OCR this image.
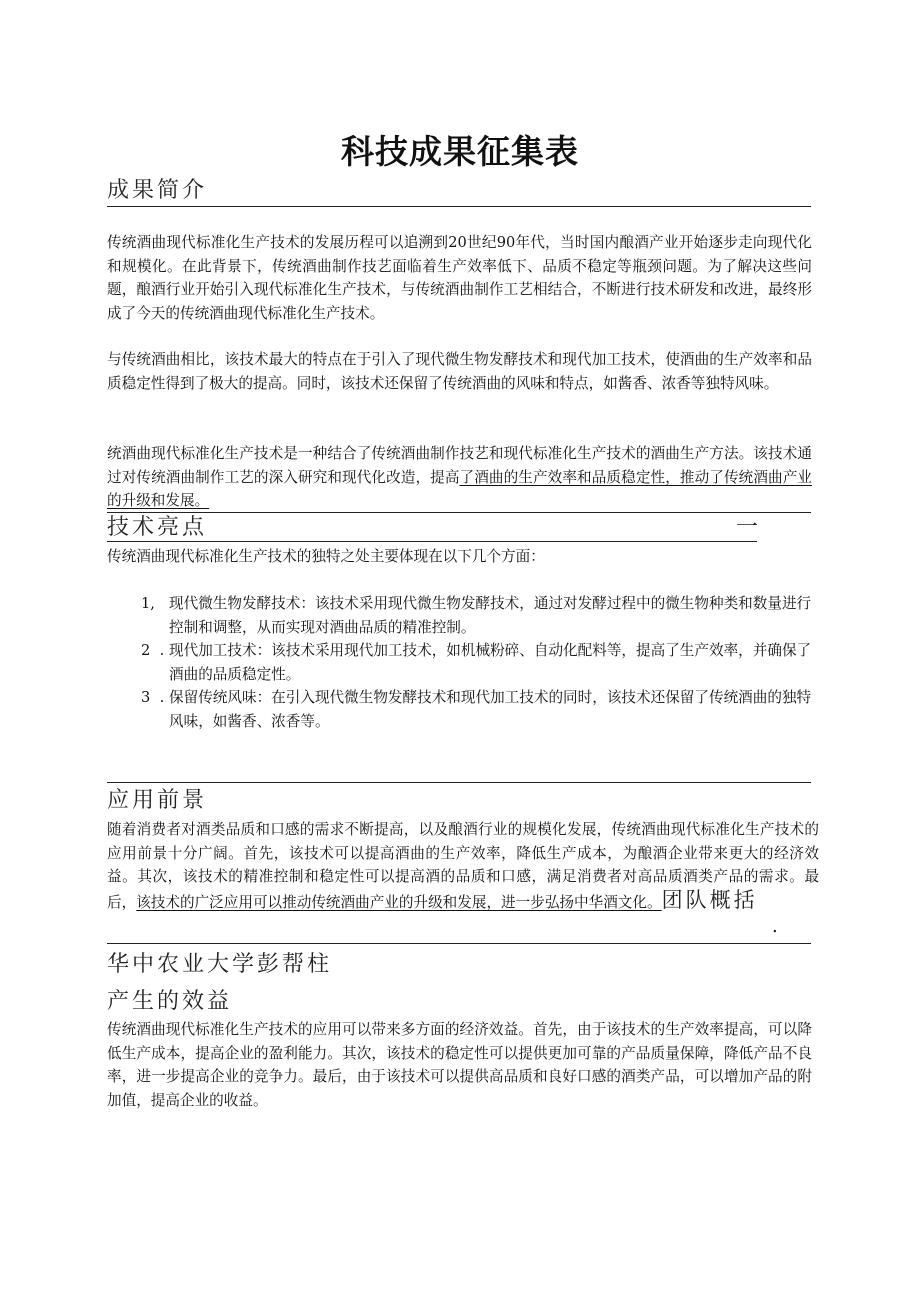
科技成果征集表
成果简介
传统酒曲现代标准化生产技术的发展历程可以追溯到20世纪90年代，当时国内酿酒产业开始逐步走向现代化和规模化。在此背景下，传统酒曲制作技艺面临着生产效率低下、品质不稳定等瓶颈问题。为了解决这些问题，酿酒行业开始引入现代标准化生产技术，与传统酒曲制作工艺相结合，不断进行技术研发和改进，最终形成了今天的传统酒曲现代标准化生产技术。
与传统酒曲相比，该技术最大的特点在于引入了现代微生物发酵技术和现代加工技术，使酒曲的生产效率和品质稳定性得到了极大的提高。同时，该技术还保留了传统酒曲的风味和特点，如酱香、浓香等独特风味。
统酒曲现代标准化生产技术是一种结合了传统酒曲制作技艺和现代标准化生产技术的酒曲生产方法。该技术通过对传统酒曲制作工艺的深入研究和现代化改造，提高了酒曲的生产效率和品质稳定性，推动了传统酒曲产业的升级和发展。
技术亮点	一
传统酒曲现代标准化生产技术的独特之处主要体现在以下几个方面：
1, 现代微生物发酵技术：该技术采用现代微生物发酵技术，通过对发酵过程中的微生物种类和数量进行控制和调整，从而实现对酒曲品质的精准控制。
2  . 现代加工技术：该技术采用现代加工技术，如机械粉碎、自动化配料等，提高了生产效率，并确保了酒曲的品质稳定性。
3  . 保留传统风味：在引入现代微生物发酵技术和现代加工技术的同时，该技术还保留了传统酒曲的独特风味，如酱香、浓香等。
应用前景
随着消费者对酒类品质和口感的需求不断提高，以及酿酒行业的规模化发展，传统酒曲现代标准化生产技术的应用前景十分广阔。首先，该技术可以提高酒曲的生产效率，降低生产成本，为酿酒企业带来更大的经济效益。其次，该技术的精准控制和稳定性可以提高酒的品质和口感，满足消费者对高品质酒类产品的需求。最后，该技术的广泛应用可以推动传统酒曲产业的升级和发展，进一步弘扬中华酒文化。团队概括
.
华中农业大学彭帮柱
产生的效益
传统酒曲现代标准化生产技术的应用可以带来多方面的经济效益。首先，由于该技术的生产效率提高，可以降低生产成本，提高企业的盈利能力。其次，该技术的稳定性可以提供更加可靠的产品质量保障，降低产品不良率，进一步提高企业的竞争力。最后，由于该技术可以提供高品质和良好口感的酒类产品，可以增加产品的附加值，提高企业的收益。
